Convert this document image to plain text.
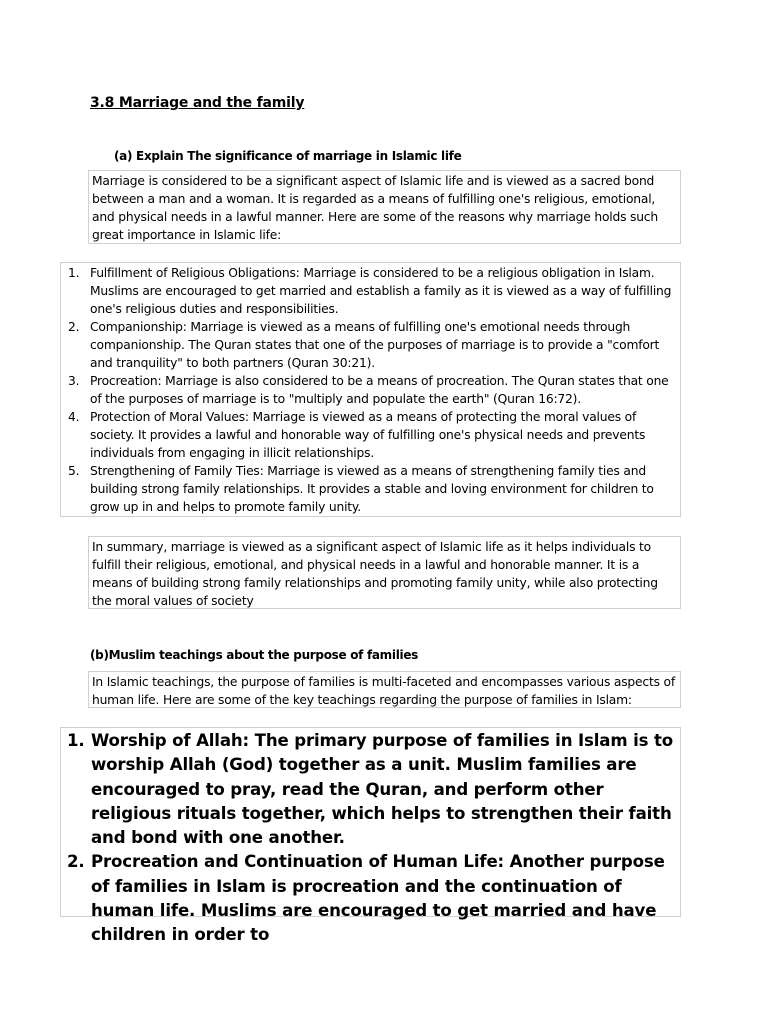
3.8 Marriage and the family
(a) Explain The significance of marriage in Islamic life
Marriage is considered to be a significant aspect of Islamic life and is viewed as a sacred bond between a man and a woman. It is regarded as a means of fulfilling one's religious, emotional, and physical needs in a lawful manner. Here are some of the reasons why marriage holds such great importance in Islamic life:
1. Fulfillment of Religious Obligations: Marriage is considered to be a religious obligation in Islam. Muslims are encouraged to get married and establish a family as it is viewed as a way of fulfilling one's religious duties and responsibilities.
2. Companionship: Marriage is viewed as a means of fulfilling one's emotional needs through companionship. The Quran states that one of the purposes of marriage is to provide a "comfort and tranquility" to both partners (Quran 30:21).
3. Procreation: Marriage is also considered to be a means of procreation. The Quran states that one of the purposes of marriage is to "multiply and populate the earth" (Quran 16:72).
4. Protection of Moral Values: Marriage is viewed as a means of protecting the moral values of society. It provides a lawful and honorable way of fulfilling one's physical needs and prevents individuals from engaging in illicit relationships.
5. Strengthening of Family Ties: Marriage is viewed as a means of strengthening family ties and building strong family relationships. It provides a stable and loving environment for children to grow up in and helps to promote family unity.
In summary, marriage is viewed as a significant aspect of Islamic life as it helps individuals to fulfill their religious, emotional, and physical needs in a lawful and honorable manner. It is a means of building strong family relationships and promoting family unity, while also protecting the moral values of society
(b)Muslim teachings about the purpose of families
In Islamic teachings, the purpose of families is multi-faceted and encompasses various aspects of human life. Here are some of the key teachings regarding the purpose of families in Islam:
1. Worship of Allah: The primary purpose of families in Islam is to worship Allah (God) together as a unit. Muslim families are encouraged to pray, read the Quran, and perform other religious rituals together, which helps to strengthen their faith and bond with one another.
2. Procreation and Continuation of Human Life: Another purpose of families in Islam is procreation and the continuation of human life. Muslims are encouraged to get married and have children in order to
